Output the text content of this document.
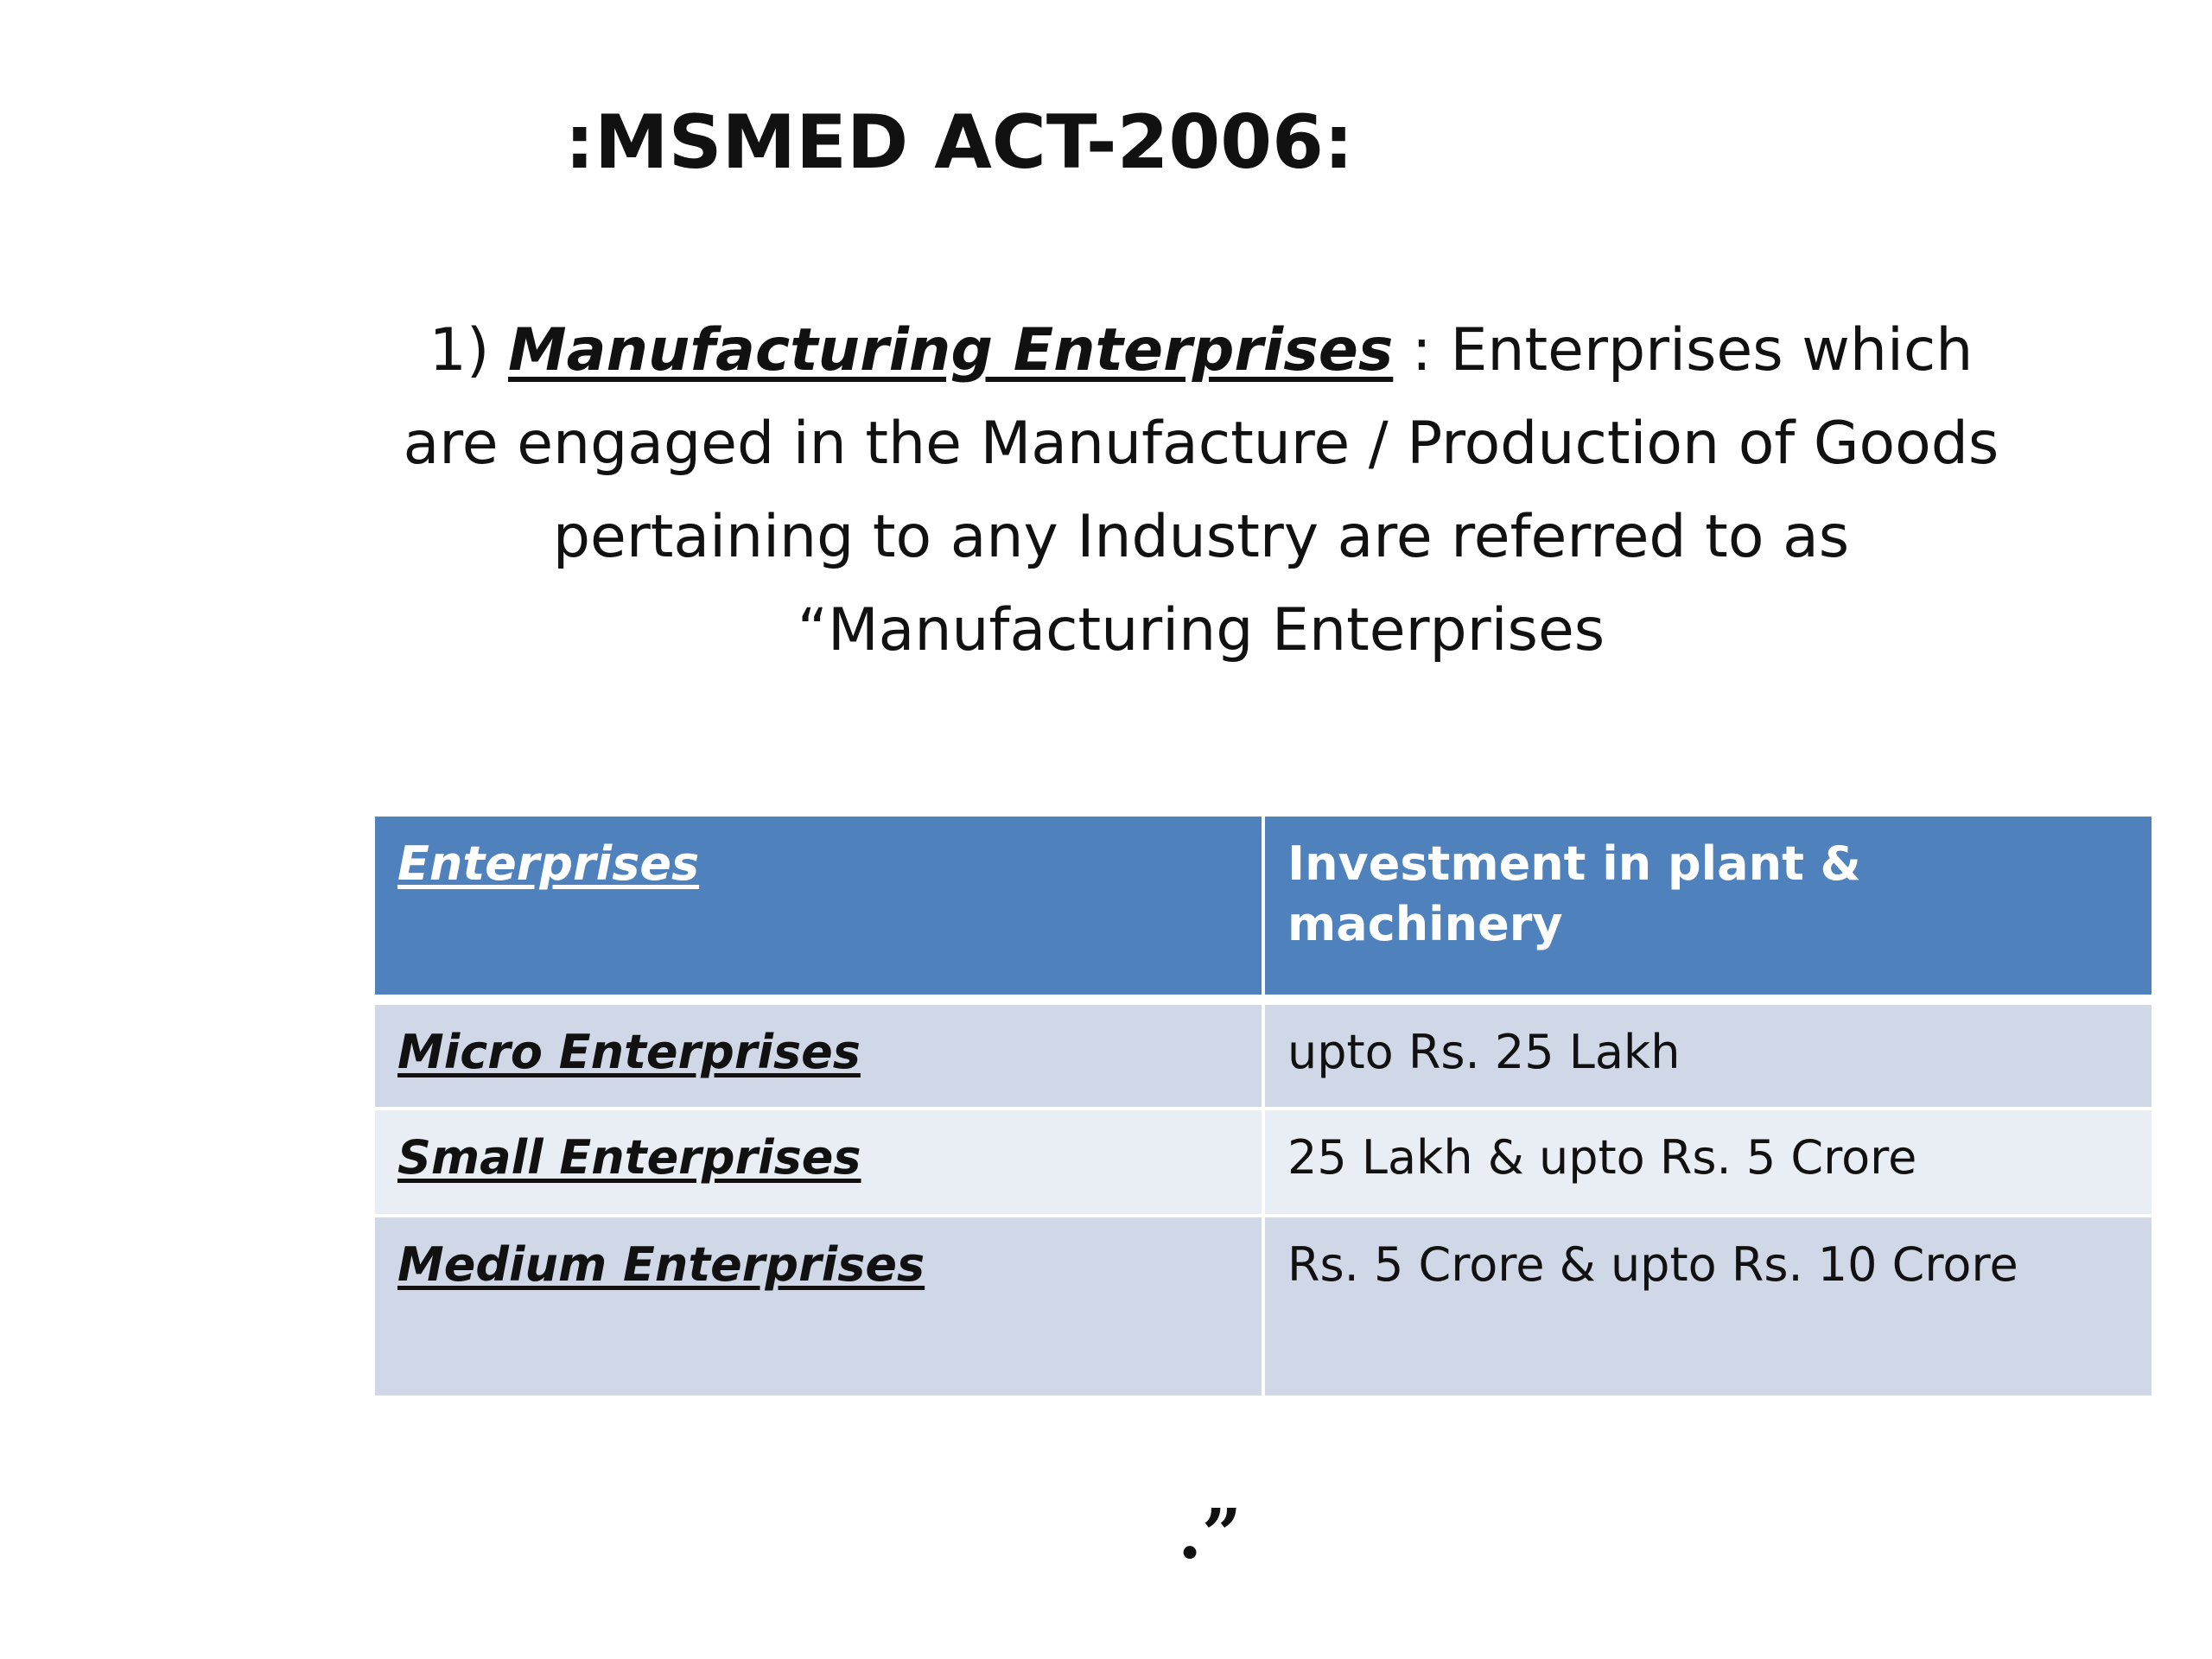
:MSMED ACT-2006:

1) Manufacturing Enterprises : Enterprises which are engaged in the Manufacture / Production of Goods pertaining to any Industry are referred to as “Manufacturing Enterprises

Enterprises	Investment in plant & machinery
Micro Enterprises	upto Rs. 25 Lakh
Small Enterprises	25 Lakh & upto Rs. 5 Crore
Medium Enterprises	Rs. 5 Crore & upto Rs. 10 Crore

.”
